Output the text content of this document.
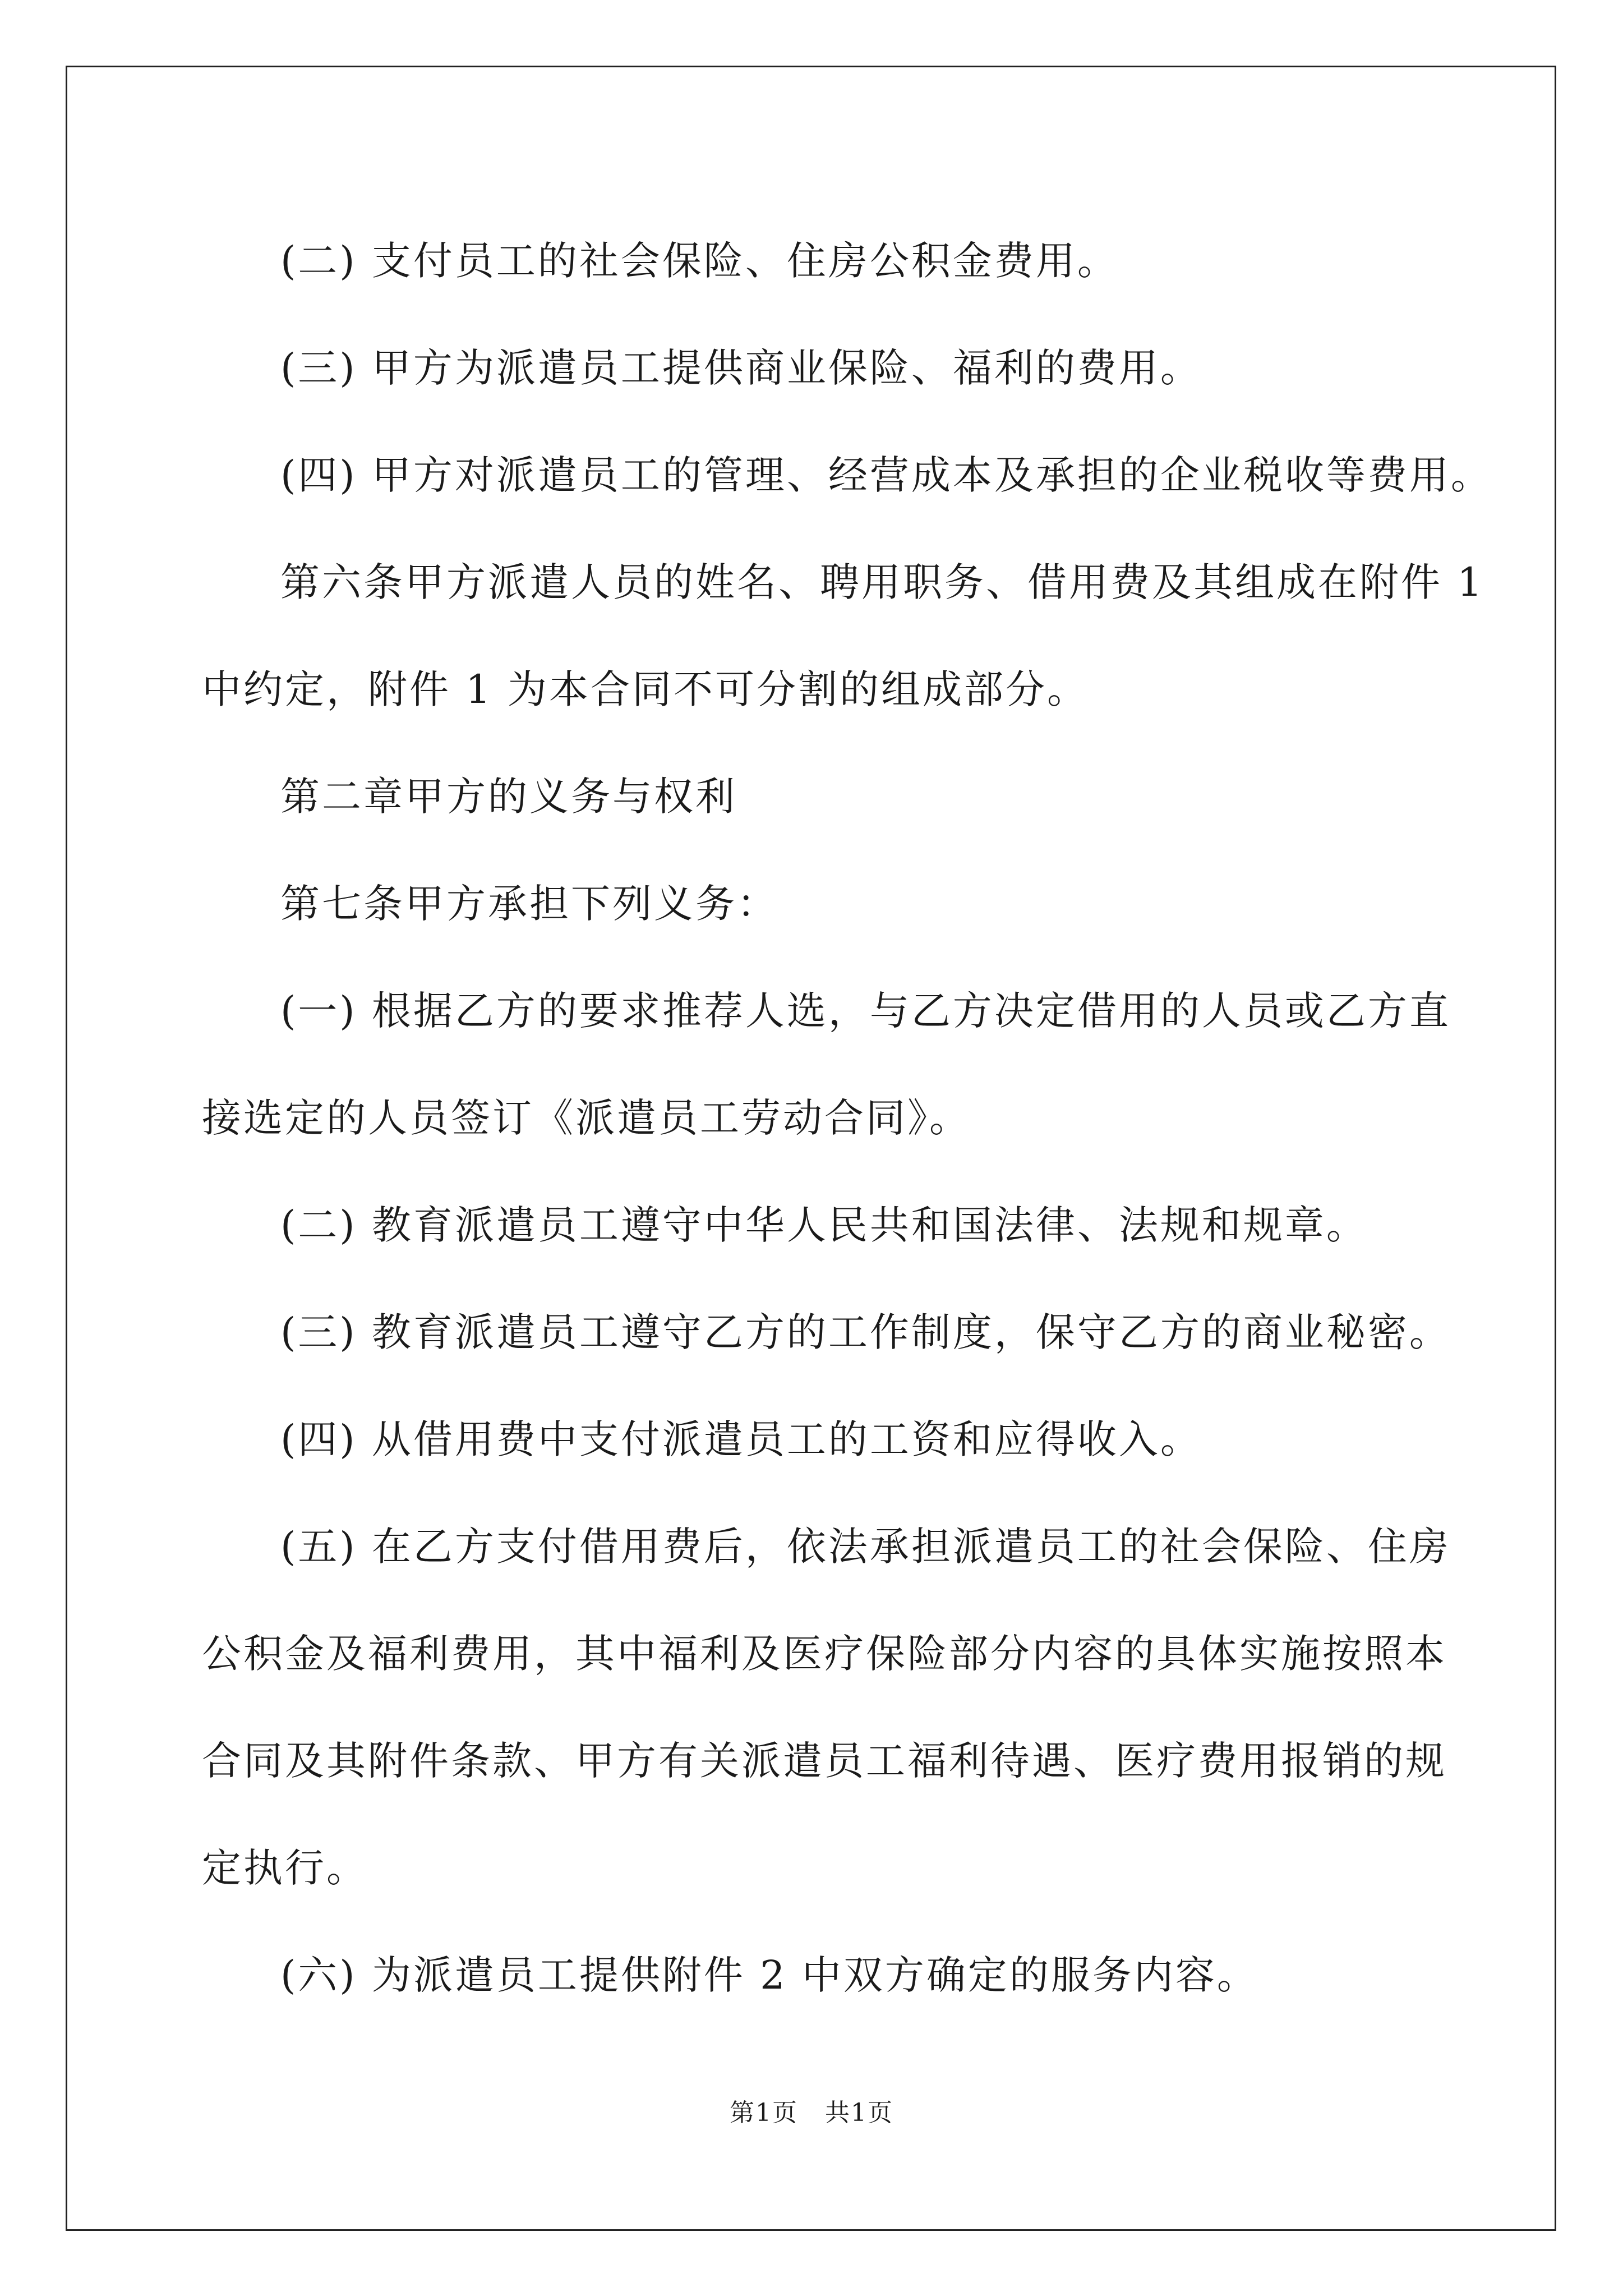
(二) 支付员工的社会保险、住房公积金费用。
(三) 甲方为派遣员工提供商业保险、福利的费用。
(四) 甲方对派遣员工的管理、经营成本及承担的企业税收等费用。
第六条甲方派遣人员的姓名、聘用职务、借用费及其组成在附件 1
中约定，附件 1 为本合同不可分割的组成部分。
第二章甲方的义务与权利
第七条甲方承担下列义务：
(一) 根据乙方的要求推荐人选，与乙方决定借用的人员或乙方直
接选定的人员签订《派遣员工劳动合同》。
(二) 教育派遣员工遵守中华人民共和国法律、法规和规章。
(三) 教育派遣员工遵守乙方的工作制度，保守乙方的商业秘密。
(四) 从借用费中支付派遣员工的工资和应得收入。
(五) 在乙方支付借用费后，依法承担派遣员工的社会保险、住房
公积金及福利费用，其中福利及医疗保险部分内容的具体实施按照本
合同及其附件条款、甲方有关派遣员工福利待遇、医疗费用报销的规
定执行。
(六) 为派遣员工提供附件 2 中双方确定的服务内容。
第1页 共1页
